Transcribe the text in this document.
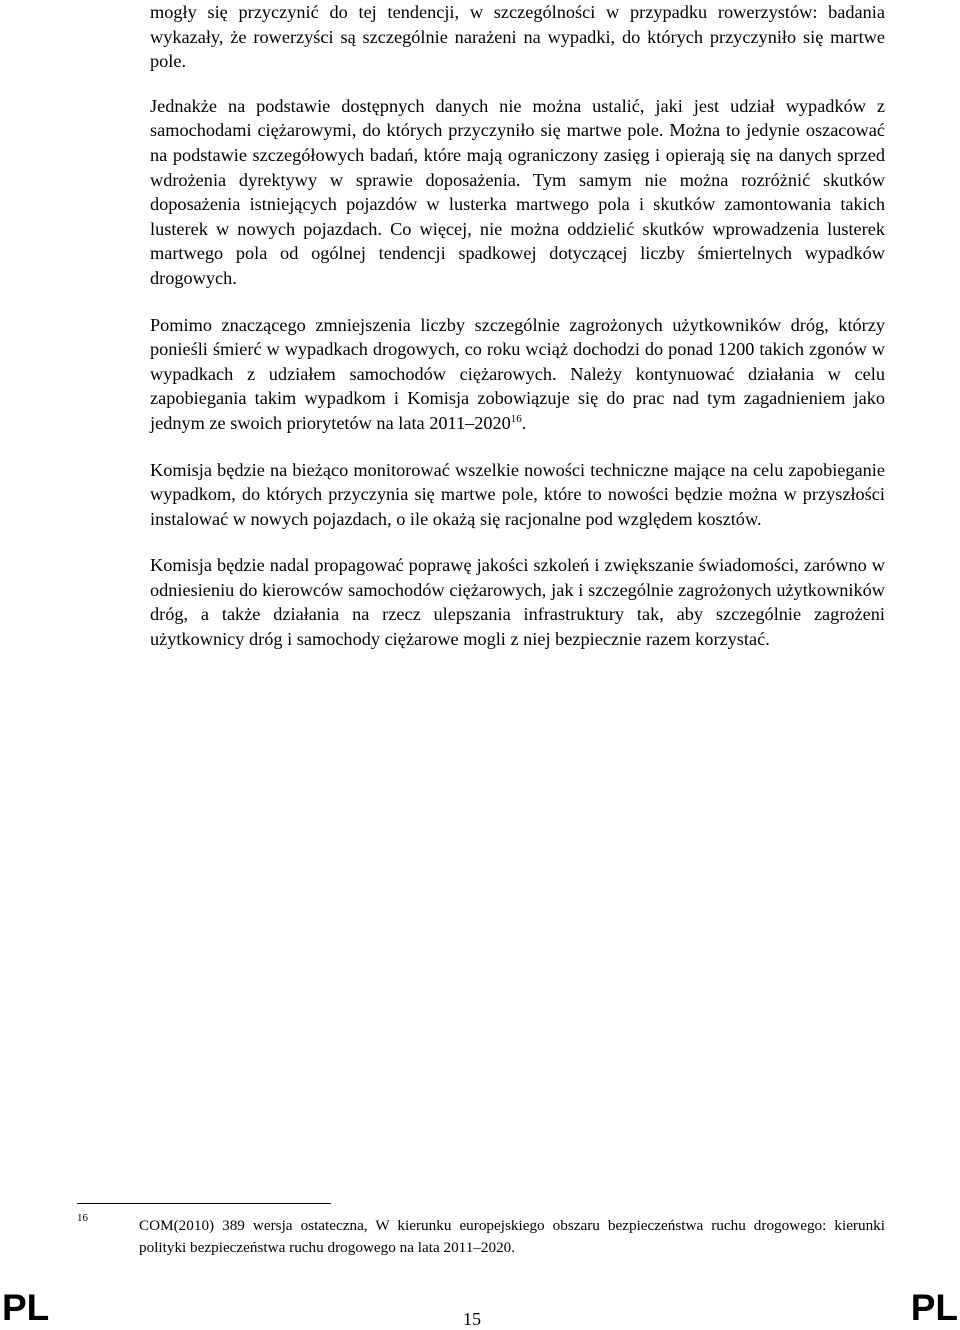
mogły się przyczynić do tej tendencji, w szczególności w przypadku rowerzystów: badania wykazały, że rowerzyści są szczególnie narażeni na wypadki, do których przyczyniło się martwe pole.

Jednakże na podstawie dostępnych danych nie można ustalić, jaki jest udział wypadków z samochodami ciężarowymi, do których przyczyniło się martwe pole. Można to jedynie oszacować na podstawie szczegółowych badań, które mają ograniczony zasięg i opierają się na danych sprzed wdrożenia dyrektywy w sprawie doposażenia. Tym samym nie można rozróżnić skutków doposażenia istniejących pojazdów w lusterka martwego pola i skutków zamontowania takich lusterek w nowych pojazdach. Co więcej, nie można oddzielić skutków wprowadzenia lusterek martwego pola od ogólnej tendencji spadkowej dotyczącej liczby śmiertelnych wypadków drogowych.

Pomimo znaczącego zmniejszenia liczby szczególnie zagrożonych użytkowników dróg, którzy ponieśli śmierć w wypadkach drogowych, co roku wciąż dochodzi do ponad 1200 takich zgonów w wypadkach z udziałem samochodów ciężarowych. Należy kontynuować działania w celu zapobiegania takim wypadkom i Komisja zobowiązuje się do prac nad tym zagadnieniem jako jednym ze swoich priorytetów na lata 2011–2020$^{16}$.

Komisja będzie na bieżąco monitorować wszelkie nowości techniczne mające na celu zapobieganie wypadkom, do których przyczynia się martwe pole, które to nowości będzie można w przyszłości instalować w nowych pojazdach, o ile okażą się racjonalne pod względem kosztów.

Komisja będzie nadal propagować poprawę jakości szkoleń i zwiększanie świadomości, zarówno w odniesieniu do kierowców samochodów ciężarowych, jak i szczególnie zagrożonych użytkowników dróg, a także działania na rzecz ulepszania infrastruktury tak, aby szczególnie zagrożeni użytkownicy dróg i samochody ciężarowe mogli z niej bezpiecznie razem korzystać.

16	COM(2010) 389 wersja ostateczna, W kierunku europejskiego obszaru bezpieczeństwa ruchu drogowego: kierunki polityki bezpieczeństwa ruchu drogowego na lata 2011–2020.
PL	15	PL
